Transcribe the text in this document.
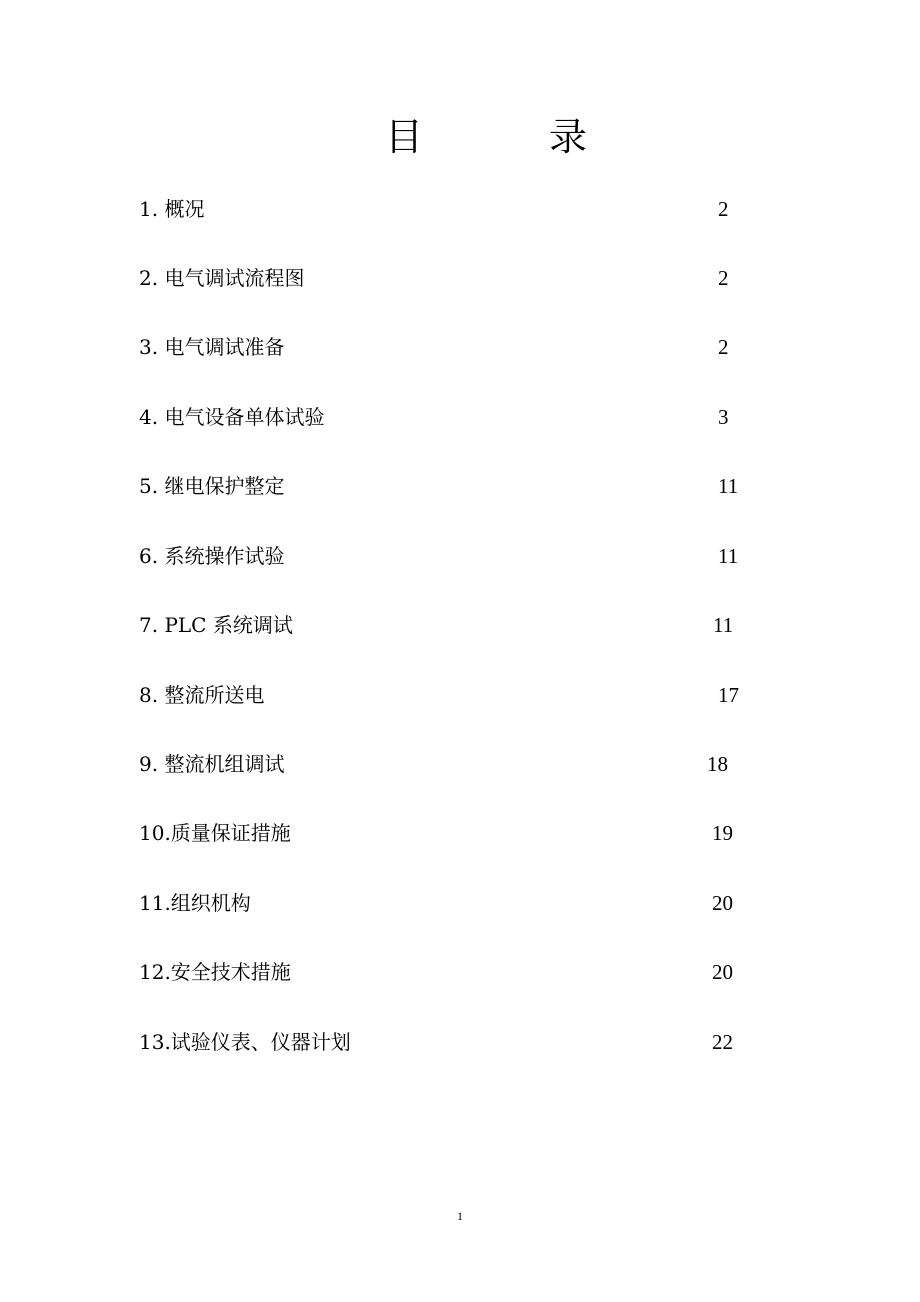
目	录
1. 概况	2
2. 电气调试流程图	2
3. 电气调试准备	2
4. 电气设备单体试验	3
5. 继电保护整定	11
6. 系统操作试验	11
7. PLC 系统调试	11
8. 整流所送电	17
9. 整流机组调试	18
10.质量保证措施	19
11.组织机构	20
12.安全技术措施	20
13.试验仪表、仪器计划	22
1
